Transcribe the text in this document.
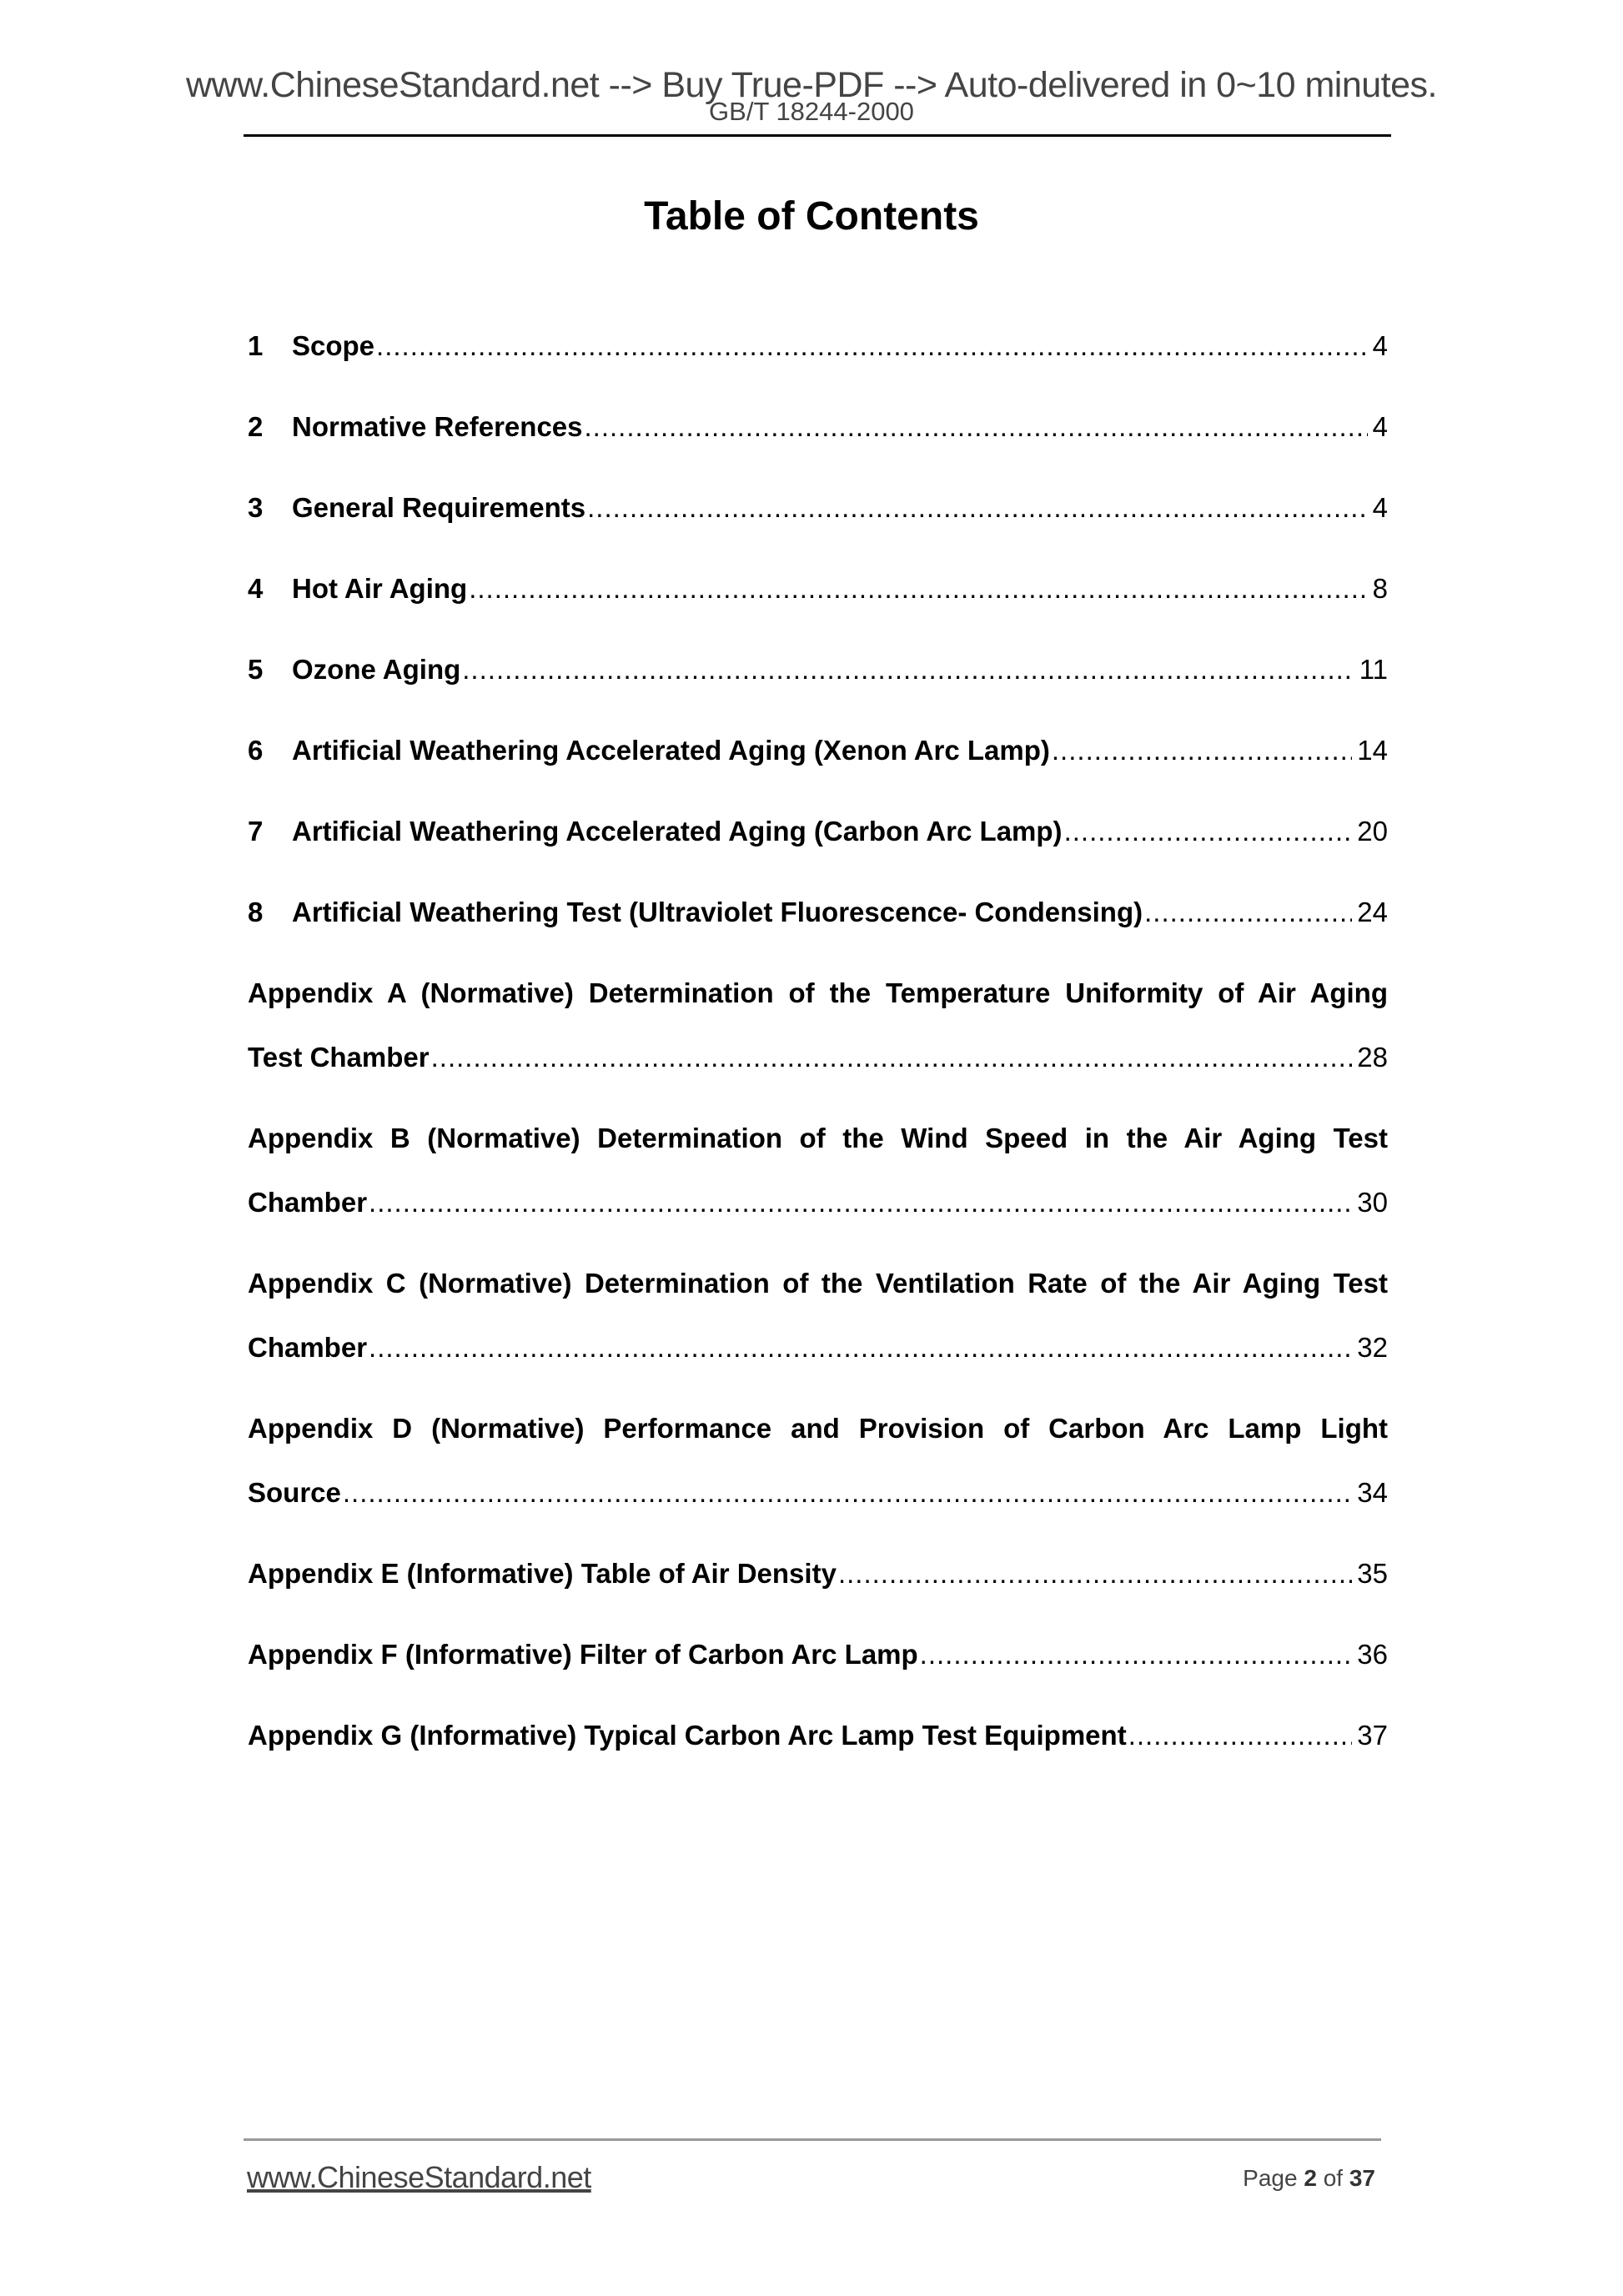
www.ChineseStandard.net --> Buy True-PDF --> Auto-delivered in 0~10 minutes.
GB/T 18244-2000
Table of Contents
1	Scope .....	4
2	Normative References .....	4
3	General Requirements .....	4
4	Hot Air Aging .....	8
5	Ozone Aging .....	11
6	Artificial Weathering Accelerated Aging (Xenon Arc Lamp) .....	14
7	Artificial Weathering Accelerated Aging (Carbon Arc Lamp) .....	20
8	Artificial Weathering Test (Ultraviolet Fluorescence- Condensing) .....	24
Appendix A (Normative) Determination of the Temperature Uniformity of Air Aging
Test Chamber .....	28
Appendix B (Normative) Determination of the Wind Speed in the Air Aging Test
Chamber .....	30
Appendix C (Normative) Determination of the Ventilation Rate of the Air Aging Test
Chamber .....	32
Appendix D (Normative) Performance and Provision of Carbon Arc Lamp Light
Source .....	34
Appendix E (Informative) Table of Air Density .....	35
Appendix F (Informative) Filter of Carbon Arc Lamp .....	36
Appendix G (Informative) Typical Carbon Arc Lamp Test Equipment .....	37
www.ChineseStandard.net	Page 2 of 37
